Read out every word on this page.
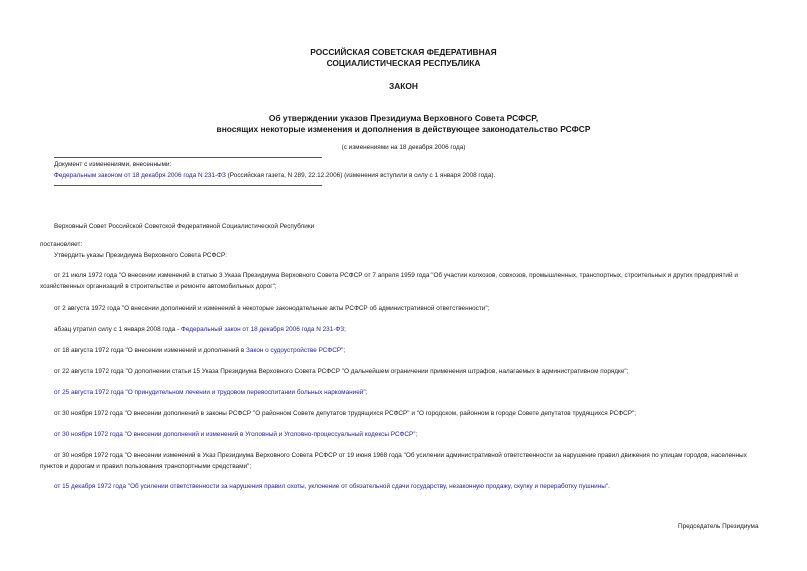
РОССИЙСКАЯ СОВЕТСКАЯ ФЕДЕРАТИВНАЯ
СОЦИАЛИСТИЧЕСКАЯ РЕСПУБЛИКА
ЗАКОН
Об утверждении указов Президиума Верховного Совета РСФСР,
вносящих некоторые изменения и дополнения в действующее законодательство РСФСР
(с изменениями на 18 декабря 2006 года)
Документ с изменениями, внесенными:
Федеральным законом от 18 декабря 2006 года N 231-ФЗ (Российская газета, N 289, 22.12.2006) (изменения вступили в силу с 1 января 2008 года).
Верховный Совет Российской Советской Федеративной Социалистической Республики
постановляет:
Утвердить указы Президиума Верховного Совета РСФСР:
от 21 июля 1972 года "О внесении изменений в статью 3 Указа Президиума Верховного Совета РСФСР от 7 апреля 1959 года "Об участии колхозов, совхозов, промышленных, транспортных, строительных и других предприятий и хозяйственных организаций в строительстве и ремонте автомобильных дорог";
от 2 августа 1972 года "О внесении дополнений и изменений в некоторые законодательные акты РСФСР об административной ответственности";
абзац утратил силу с 1 января 2008 года - Федеральный закон от 18 декабря 2006 года N 231-ФЗ;
от 18 августа 1972 года "О внесении изменений и дополнений в Закон о судоустройстве РСФСР";
от 22 августа 1972 года "О дополнении статьи 15 Указа Президиума Верховного Совета РСФСР "О дальнейшем ограничении применения штрафов, налагаемых в административном порядке";
от 25 августа 1972 года "О принудительном лечении и трудовом перевоспитании больных наркоманией";
от 30 ноября 1972 года "О внесении дополнений в законы РСФСР "О районном Совете депутатов трудящихся РСФСР" и "О городском, районном в городе Совете депутатов трудящихся РСФСР";
от 30 ноября 1972 года "О внесении дополнений и изменений в Уголовный и Уголовно-процессуальный кодексы РСФСР";
от 30 ноября 1972 года "О внесении изменений в Указ Президиума Верховного Совета РСФСР от 19 июня 1968 года "Об усилении административной ответственности за нарушение правил движения по улицам городов, населенных пунктов и дорогам и правил пользования транспортными средствами";
от 15 декабря 1972 года "Об усилении ответственности за нарушения правил охоты, уклонение от обязательной сдачи государству, незаконную продажу, скупку и переработку пушнины".
Председатель Президиума
